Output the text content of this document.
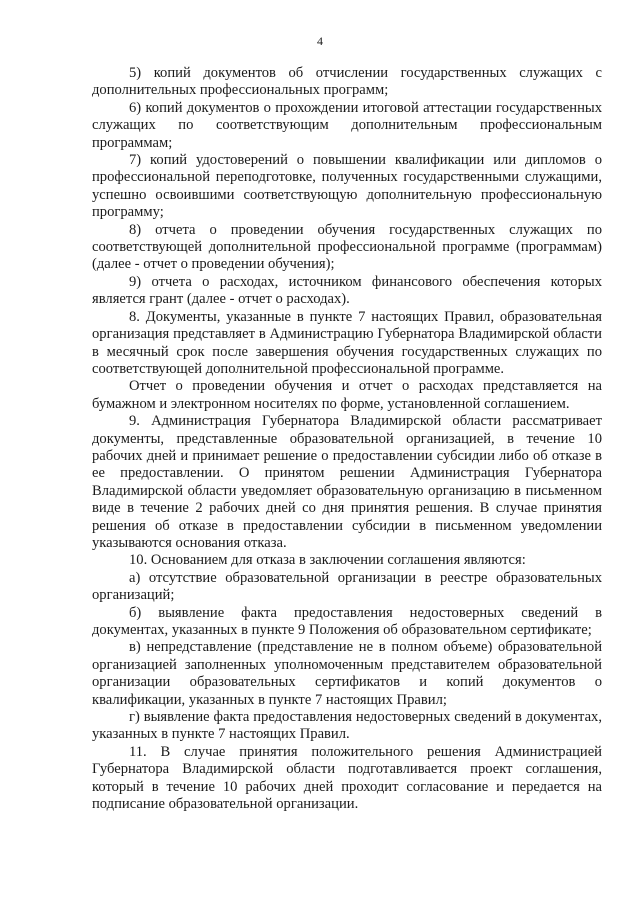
4

5) копий документов об отчислении государственных служащих с дополнительных профессиональных программ;

6) копий документов о прохождении итоговой аттестации государственных служащих по соответствующим дополнительным профессиональным программам;

7) копий удостоверений о повышении квалификации или дипломов о профессиональной переподготовке, полученных государственными служащими, успешно освоившими соответствующую дополнительную профессиональную программу;

8) отчета о проведении обучения государственных служащих по соответствующей дополнительной профессиональной программе (программам) (далее - отчет о проведении обучения);

9) отчета о расходах, источником финансового обеспечения которых является грант (далее - отчет о расходах).

8. Документы, указанные в пункте 7 настоящих Правил, образовательная организация представляет в Администрацию Губернатора Владимирской области в месячный срок после завершения обучения государственных служащих по соответствующей дополнительной профессиональной программе.

Отчет о проведении обучения и отчет о расходах представляется на бумажном и электронном носителях по форме, установленной соглашением.

9. Администрация Губернатора Владимирской области рассматривает документы, представленные образовательной организацией, в течение 10 рабочих дней и принимает решение о предоставлении субсидии либо об отказе в ее предоставлении. О принятом решении Администрация Губернатора Владимирской области уведомляет образовательную организацию в письменном виде в течение 2 рабочих дней со дня принятия решения. В случае принятия решения об отказе в предоставлении субсидии в письменном уведомлении указываются основания отказа.

10. Основанием для отказа в заключении соглашения являются:

а) отсутствие образовательной организации в реестре образовательных организаций;

б) выявление факта предоставления недостоверных сведений в документах, указанных в пункте 9 Положения об образовательном сертификате;

в) непредставление (представление не в полном объеме) образовательной организацией заполненных уполномоченным представителем образовательной организации образовательных сертификатов и копий документов о квалификации, указанных в пункте 7 настоящих Правил;

г) выявление факта предоставления недостоверных сведений в документах, указанных в пункте 7 настоящих Правил.

11. В случае принятия положительного решения Администрацией Губернатора Владимирской области подготавливается проект соглашения, который в течение 10 рабочих дней проходит согласование и передается на подписание образовательной организации.
